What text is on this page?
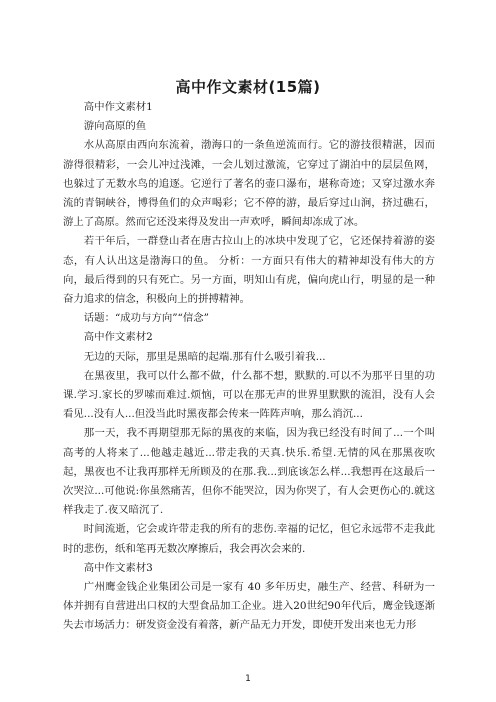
高中作文素材(15篇)

高中作文素材1

游向高原的鱼

水从高原由西向东流着，渤海口的一条鱼逆流而行。它的游技很精湛，因而游得很精彩，一会儿冲过浅滩，一会儿划过激流，它穿过了湖泊中的层层鱼网，也躲过了无数水鸟的追逐。它逆行了著名的壶口瀑布，堪称奇迹；又穿过激水奔流的青铜峡谷，博得鱼们的众声喝彩；它不停的游，最后穿过山涧，挤过礁石，游上了高原。然而它还没来得及发出一声欢呼，瞬间却冻成了冰。

若干年后，一群登山者在唐古拉山上的冰块中发现了它，它还保持着游的姿态，有人认出这是渤海口的鱼。 分析：一方面只有伟大的精神却没有伟大的方向，最后得到的只有死亡。另一方面，明知山有虎，偏向虎山行，明显的是一种奋力追求的信念，积极向上的拼搏精神。

话题：“成功与方向”“信念”

高中作文素材2

无边的天际，那里是黑暗的起端.那有什么吸引着我...

在黑夜里，我可以什么都不做，什么都不想，默默的.可以不为那平日里的功课.学习.家长的罗嗦而难过.烦恼，可以在那无声的世界里默默的流泪，没有人会看见...没有人...但没当此时黑夜都会传来一阵阵声响，那么消沉...

那一天，我不再期望那无际的黑夜的来临，因为我已经没有时间了...一个叫高考的人将来了...他越走越近...带走我的天真.快乐.希望.无情的风在那黑夜吹起，黑夜也不让我再那样无所顾及的在那.我...到底该怎么样...我想再在这最后一次哭泣...可他说:你虽然痛苦，但你不能哭泣，因为你哭了，有人会更伤心的.就这样我走了.夜又暗沉了.

时间流逝，它会或许带走我的所有的悲伤.幸福的记忆，但它永远带不走我此时的悲伤，纸和笔再无数次摩擦后，我会再次会来的.

高中作文素材3

广州鹰金钱企业集团公司是一家有 40 多年历史，融生产、经营、科研为一体并拥有自营进出口权的大型食品加工企业。进入20世纪90年代后，鹰金钱逐渐失去市场活力：研发资金没有着落，新产品无力开发，即使开发出来也无力形

1
